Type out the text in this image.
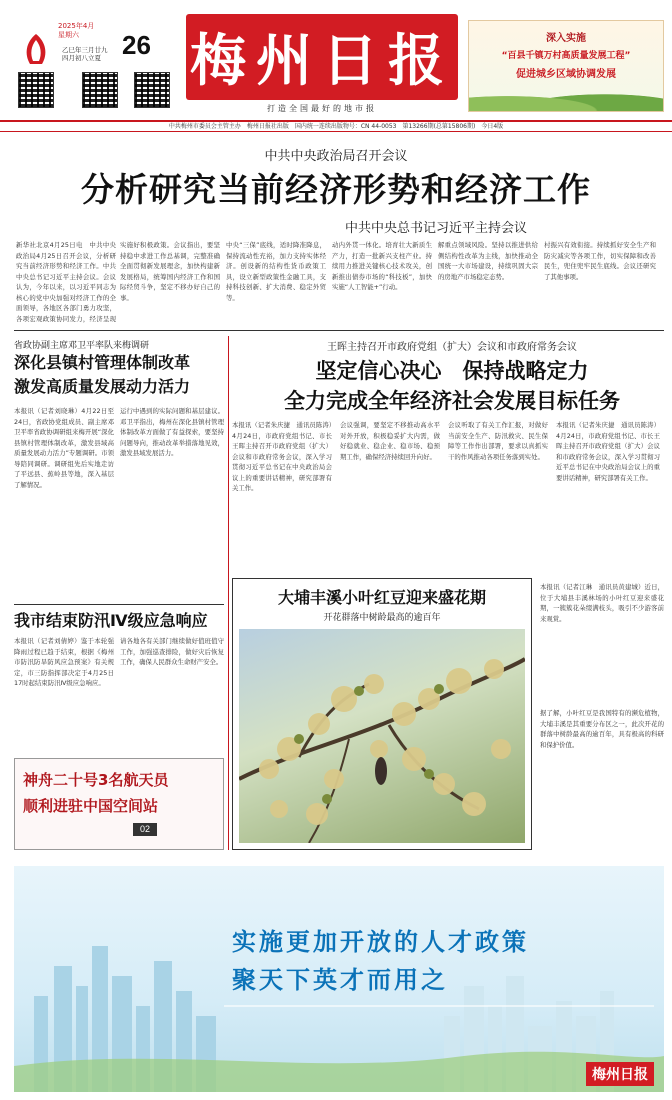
2025年4月
星期六	26
乙巳年三月廿九
四月初八立夏 梅州日报
打造全国最好的地市报
深入实施
“百县千镇万村高质量发展工程”
促进城乡区域协调发展
中共梅州市委员会主管主办　梅州日报社出版　国内统一连续出版物号：CN 44-0053　第13266期(总第15806期)　今日4版
中共中央政治局召开会议
分析研究当前经济形势和经济工作
中共中央总书记习近平主持会议
新华社北京4月25日电　中共中央政治局4月25日召开会议，分析研究当前经济形势和经济工作。中共中央总书记习近平主持会议。会议认为，今年以来，以习近平同志为核心的党中央加强对经济工作的全面领导，各地区各部门勇力攻坚，各项宏观政策协同发力，经济呈现
实施好积极政策。会议指出，要坚持稳中求进工作总基调，完整准确全面贯彻新发展理念，加快构建新发展格局，统筹国内经济工作和国际经贸斗争，坚定不移办好自己的事。
中央“三保”底线，适时降准降息，保持流动性充裕，加力支持实体经济。创设新的结构性货币政策工具，设立新型政策性金融工具，支持科技创新、扩大消费、稳定外贸等。
动内外贯一体化。培育壮大新质生产力，打造一批新兴支柱产业。持续用力推进关键核心技术攻关，创新推出债券市场的“科技板”，加快实施“人工智能+”行动。
解重点领域风险。坚持以推进供给侧结构性改革为主线，加快推动全国统一大市场建设，持续巩固大宗的房地产市场稳定态势。
村振兴有效衔接。持续抓好安全生产和防灾减灾等各项工作，切实保障和改善民生，兜住兜牢民生底线。会议还研究了其他事项。
省政协副主席邓卫平率队来梅调研
深化县镇村管理体制改革
激发高质量发展动力活力
本报讯（记者刘晓琳）4月22日至24日，省政协党组成员、副主席邓卫平率省政协调研组来梅开展“深化县镇村管理体制改革，激发县域高质量发展动力活力”专题调研。市领导陪同调研。调研组先后实地走访了平远县、蕉岭县等地，深入基层了解情况。
运行中遇到的实际问题和基层建议。邓卫平指出，梅州在深化县镇村管理体制改革方面做了有益探索，要坚持问题导向，推动改革举措落地见效，激发县域发展活力。
我市结束防汛Ⅳ级应急响应
本报讯（记者刘倩婷）鉴于本轮强降雨过程已趋于结束，根据《梅州市防汛防旱防风应急预案》有关规定，市三防指挥部决定于4月25日17时起结束防汛Ⅳ级应急响应。
请各地各有关部门继续做好值班值守工作，加强巡查排险，做好灾后恢复工作，确保人民群众生命财产安全。
神舟二十号3名航天员
顺利进驻中国空间站
02
王晖主持召开市政府党组（扩大）会议和市政府常务会议
坚定信心决心　保持战略定力
全力完成全年经济社会发展目标任务
本报讯（记者朱庆捷　通讯员陈涛）4月24日，市政府党组书记、市长王晖主持召开市政府党组（扩大）会议和市政府常务会议，深入学习贯彻习近平总书记在中央政治局会议上的重要讲话精神，研究部署有关工作。
会议强调，要坚定不移推动高水平对外开放，积极稳妥扩大内需，做好稳就业、稳企业、稳市场、稳预期工作，确保经济持续回升向好。
会议听取了有关工作汇报，对做好当前安全生产、防汛救灾、民生保障等工作作出部署，要求以真抓实干的作风推动各项任务落到实处。
本报讯（记者朱庆捷　通讯员陈涛）4月24日，市政府党组书记、市长王晖主持召开市政府党组（扩大）会议和市政府常务会议，深入学习贯彻习近平总书记在中央政治局会议上的重要讲话精神，研究部署有关工作。
大埔丰溪小叶红豆迎来盛花期
开花群落中树龄最高的逾百年
本报讯（记者江琳　通讯员黄建城）近日，位于大埔县丰溪林场的小叶红豆迎来盛花期，一簇簇花朵缀满枝头，吸引不少游客前来观赏。
据了解，小叶红豆是我国特有的濒危植物，大埔丰溪是其重要分布区之一，此次开花的群落中树龄最高的逾百年，具有极高的科研和保护价值。
实施更加开放的人才政策
聚天下英才而用之
梅州日报
